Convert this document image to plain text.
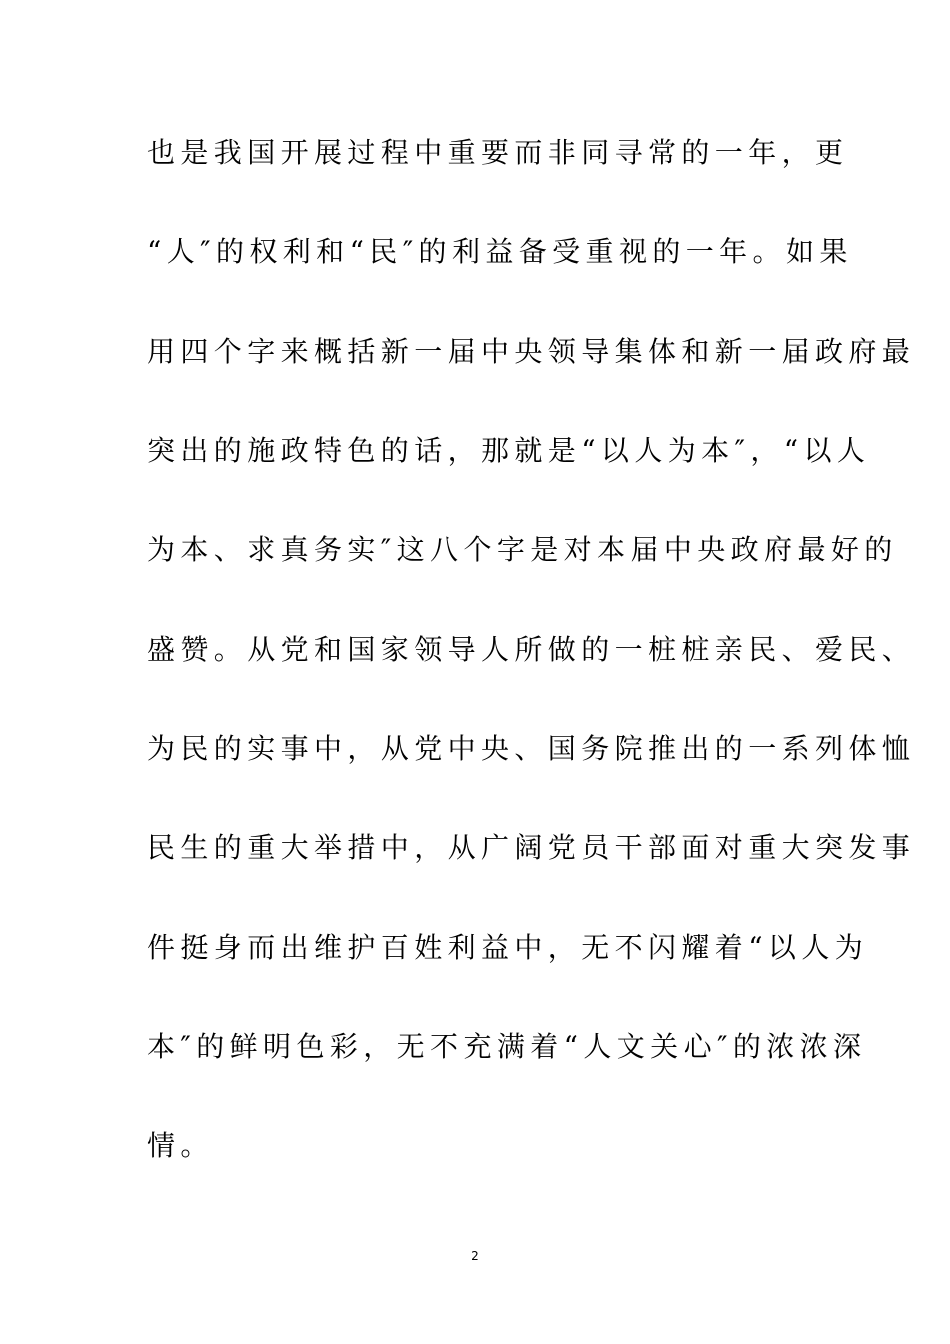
也是我国开展过程中重要而非同寻常的一年，更
“人″的权利和“民″的利益备受重视的一年。如果
用四个字来概括新一届中央领导集体和新一届政府最
突出的施政特色的话，那就是“以人为本″，“以人
为本、求真务实″这八个字是对本届中央政府最好的
盛赞。从党和国家领导人所做的一桩桩亲民、爱民、
为民的实事中，从党中央、国务院推出的一系列体恤
民生的重大举措中，从广阔党员干部面对重大突发事
件挺身而出维护百姓利益中，无不闪耀着“以人为
本″的鲜明色彩，无不充满着“人文关心″的浓浓深
情。
2
